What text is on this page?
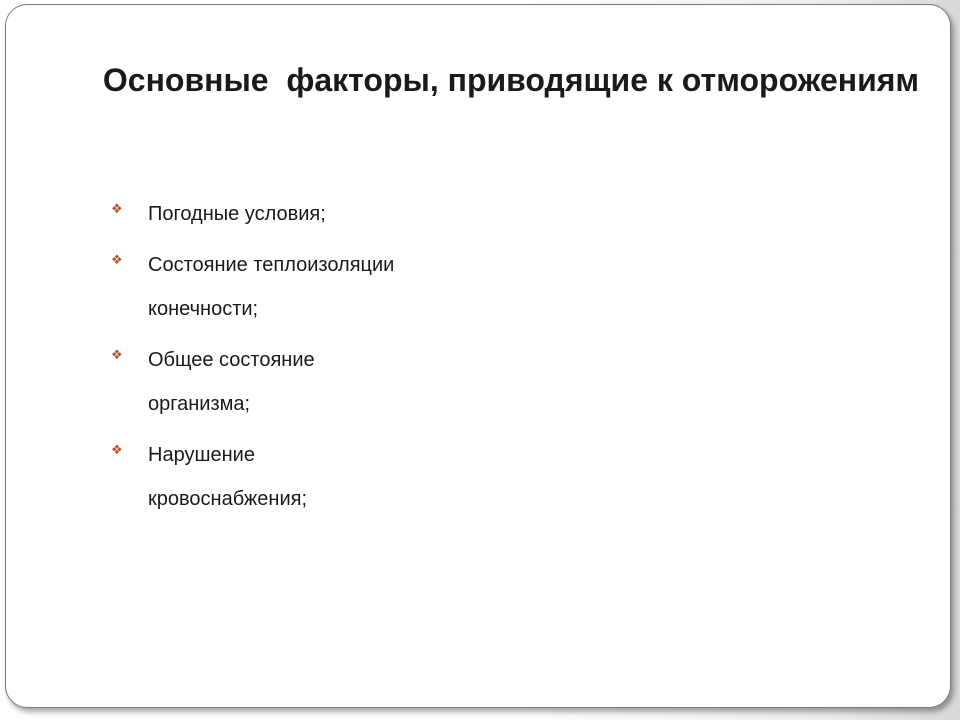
Основные  факторы, приводящие к отморожениям
❖ Погодные условия;
❖ Состояние теплоизоляции конечности;
❖ Общее состояние организма;
❖ Нарушение кровоснабжения;
